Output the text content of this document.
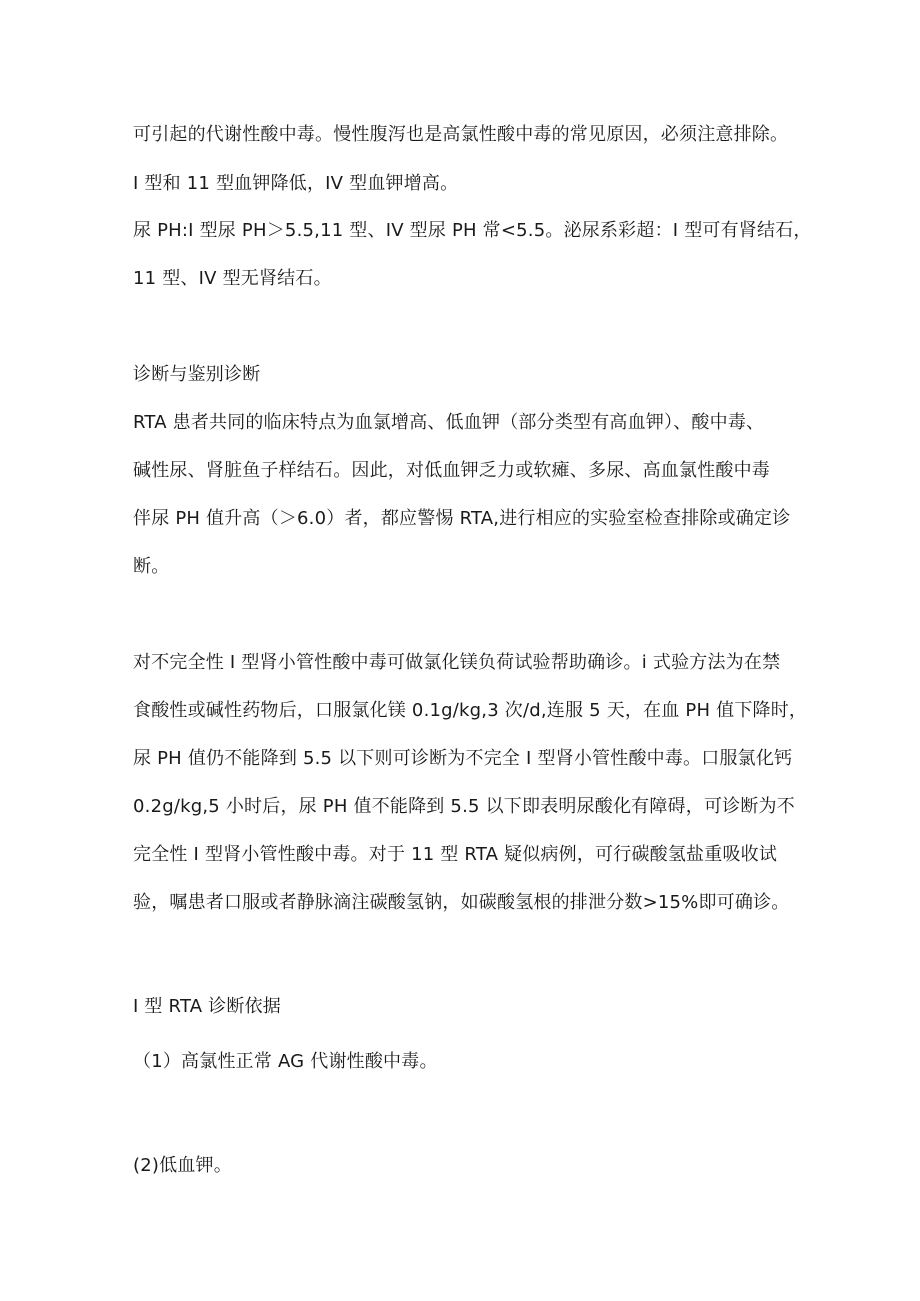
可引起的代谢性酸中毒。慢性腹泻也是高氯性酸中毒的常见原因，必须注意排除。
I 型和 11 型血钾降低，IV 型血钾增高。
尿 PH:I 型尿 PH＞5.5,11 型、IV 型尿 PH 常<5.5。泌尿系彩超：I 型可有肾结石，
11 型、IV 型无肾结石。
诊断与鉴别诊断
RTA 患者共同的临床特点为血氯增高、低血钾（部分类型有高血钾）、酸中毒、
碱性尿、肾脏鱼子样结石。因此，对低血钾乏力或软瘫、多尿、高血氯性酸中毒
伴尿 PH 值升高（＞6.0）者，都应警惕 RTA,进行相应的实验室检查排除或确定诊
断。
对不完全性 I 型肾小管性酸中毒可做氯化镁负荷试验帮助确诊。i 式验方法为在禁
食酸性或碱性药物后，口服氯化镁 0.1g∕kg,3 次/d,连服 5 天，在血 PH 值下降时，
尿 PH 值仍不能降到 5.5 以下则可诊断为不完全 I 型肾小管性酸中毒。口服氯化钙
0.2g∕kg,5 小时后，尿 PH 值不能降到 5.5 以下即表明尿酸化有障碍，可诊断为不
完全性 I 型肾小管性酸中毒。对于 11 型 RTA 疑似病例，可行碳酸氢盐重吸收试
验，嘱患者口服或者静脉滴注碳酸氢钠，如碳酸氢根的排泄分数>15%即可确诊。
I 型 RTA 诊断依据
（1）高氯性正常 AG 代谢性酸中毒。
(2)低血钾。
